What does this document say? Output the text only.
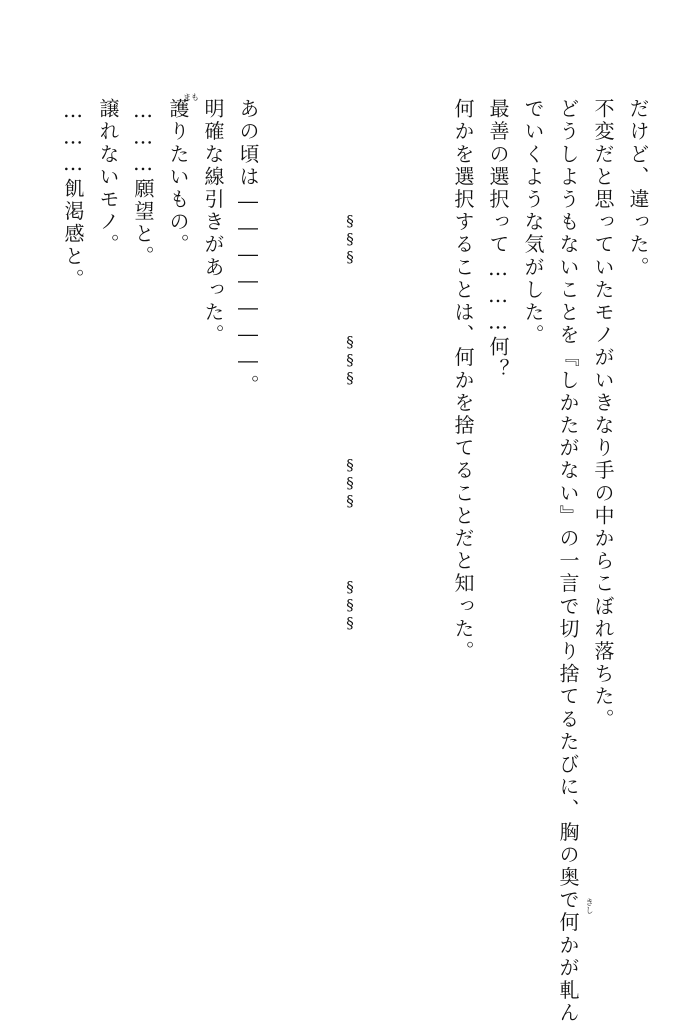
だけど、違った。
不変だと思っていたモノがいきなり手の中からこぼれ落ちた。
どうしようもないことを『しかたがない』の一言で切り捨てるたびに、胸の奥で何かが軋ん きし
でいくような気がした。
最善の選択って………何？
何かを選択することは、何かを捨てることだと知った。
§§§
§§§
§§§
§§§
あの頃は―――――――。
明確な線引きがあった。
護りたいもの。
まも
………願望と。
譲れないモノ。
………飢渇感と。
